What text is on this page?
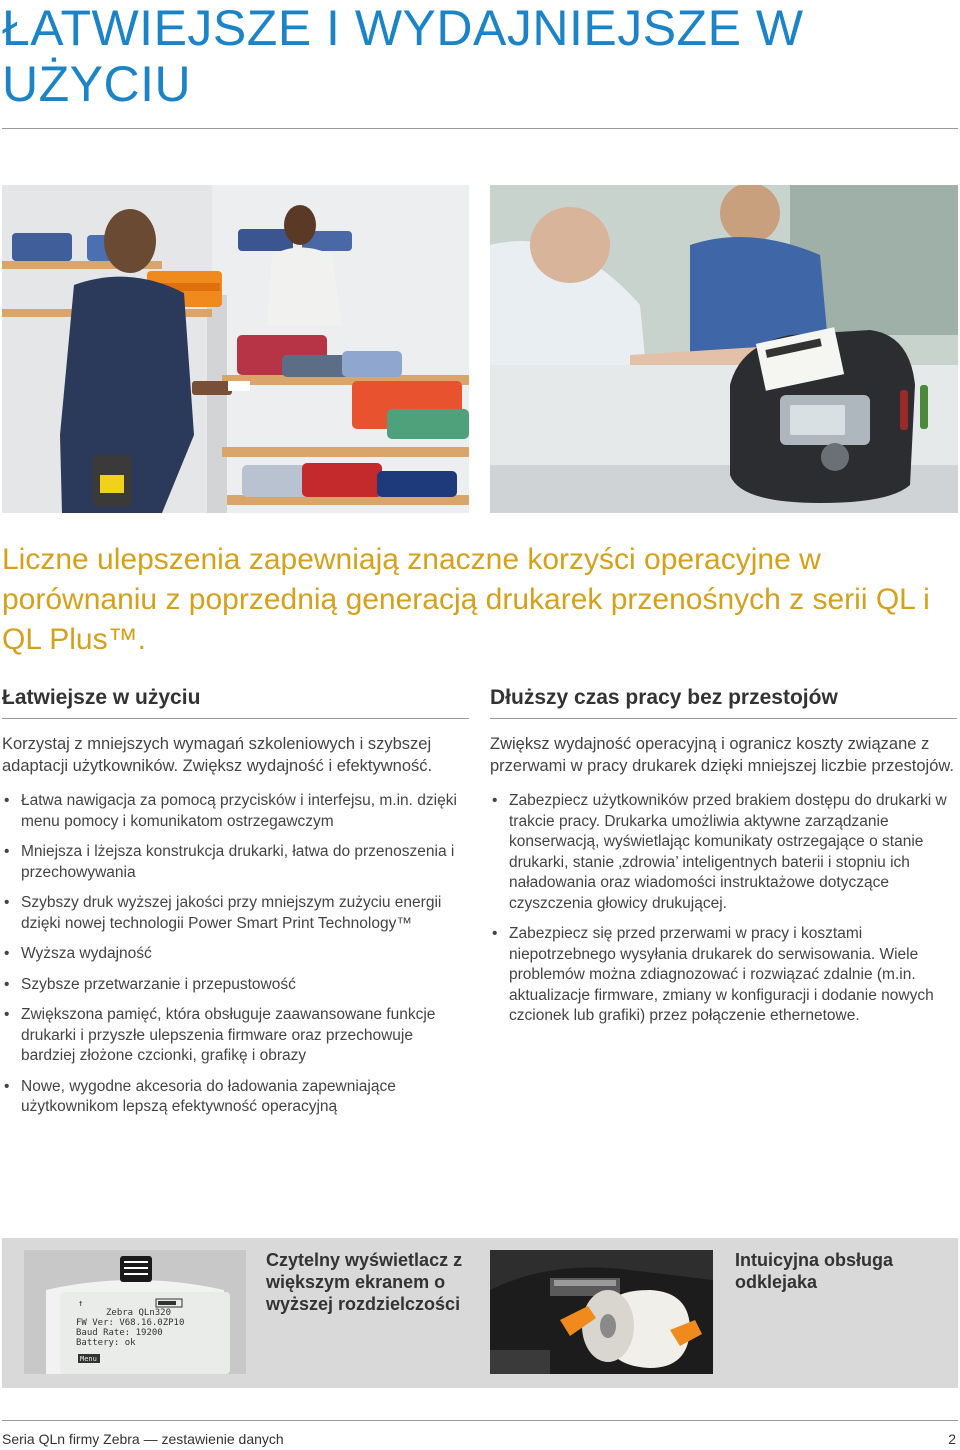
ŁATWIEJSZE I WYDAJNIEJSZE W UŻYCIU
Liczne ulepszenia zapewniają znaczne korzyści operacyjne w porównaniu z poprzednią generacją drukarek przenośnych z serii QL i QL Plus™.
Łatwiejsze w użyciu

Korzystaj z mniejszych wymagań szkoleniowych i szybszej adaptacji użytkowników. Zwiększ wydajność i efektywność.

• Łatwa nawigacja za pomocą przycisków i interfejsu, m.in. dzięki menu pomocy i komunikatom ostrzegawczym
• Mniejsza i lżejsza konstrukcja drukarki, łatwa do przenoszenia i przechowywania
• Szybszy druk wyższej jakości przy mniejszym zużyciu energii dzięki nowej technologii Power Smart Print Technology™
• Wyższa wydajność
• Szybsze przetwarzanie i przepustowość
• Zwiększona pamięć, która obsługuje zaawansowane funkcje drukarki i przyszłe ulepszenia firmware oraz przechowuje bardziej złożone czcionki, grafikę i obrazy
• Nowe, wygodne akcesoria do ładowania zapewniające użytkownikom lepszą efektywność operacyjną
Dłuższy czas pracy bez przestojów

Zwiększ wydajność operacyjną i ogranicz koszty związane z przerwami w pracy drukarek dzięki mniejszej liczbie przestojów.

• Zabezpiecz użytkowników przed brakiem dostępu do drukarki w trakcie pracy. Drukarka umożliwia aktywne zarządzanie konserwacją, wyświetlając komunikaty ostrzegające o stanie drukarki, stanie ‚zdrowia’ inteligentnych baterii i stopniu ich naładowania oraz wiadomości instruktażowe dotyczące czyszczenia głowicy drukującej.
• Zabezpiecz się przed przerwami w pracy i kosztami niepotrzebnego wysyłania drukarek do serwisowania. Wiele problemów można zdiagnozować i rozwiązać zdalnie (m.in. aktualizacje firmware, zmiany w konfiguracji i dodanie nowych czcionek lub grafiki) przez połączenie ethernetowe.
↑
Zebra QLn320
FW Ver: V68.16.0ZP10
Baud Rate: 19200
Battery: ok
Menu
Czytelny wyświetlacz z większym ekranem o wyższej rozdzielczości
Intuicyjna obsługa odklejaka
Seria QLn firmy Zebra — zestawienie danych	2
